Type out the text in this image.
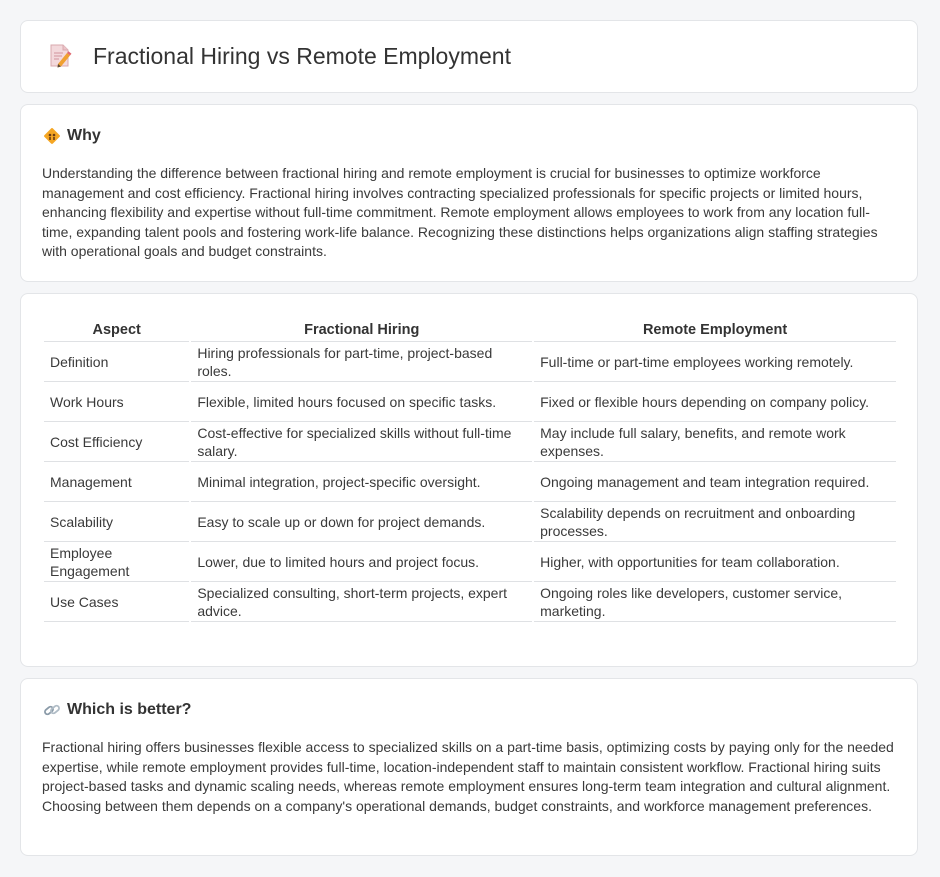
Fractional Hiring vs Remote Employment
Why

Understanding the difference between fractional hiring and remote employment is crucial for businesses to optimize workforce management and cost efficiency. Fractional hiring involves contracting specialized professionals for specific projects or limited hours, enhancing flexibility and expertise without full-time commitment. Remote employment allows employees to work from any location full-time, expanding talent pools and fostering work-life balance. Recognizing these distinctions helps organizations align staffing strategies with operational goals and budget constraints.

Aspect	Fractional Hiring	Remote Employment
Definition	Hiring professionals for part-time, project-based roles.	Full-time or part-time employees working remotely.
Work Hours	Flexible, limited hours focused on specific tasks.	Fixed or flexible hours depending on company policy.
Cost Efficiency	Cost-effective for specialized skills without full-time salary.	May include full salary, benefits, and remote work expenses.
Management	Minimal integration, project-specific oversight.	Ongoing management and team integration required.
Scalability	Easy to scale up or down for project demands.	Scalability depends on recruitment and onboarding processes.
Employee Engagement	Lower, due to limited hours and project focus.	Higher, with opportunities for team collaboration.
Use Cases	Specialized consulting, short-term projects, expert advice.	Ongoing roles like developers, customer service, marketing.
Which is better?

Fractional hiring offers businesses flexible access to specialized skills on a part-time basis, optimizing costs by paying only for the needed expertise, while remote employment provides full-time, location-independent staff to maintain consistent workflow. Fractional hiring suits project-based tasks and dynamic scaling needs, whereas remote employment ensures long-term team integration and cultural alignment. Choosing between them depends on a company's operational demands, budget constraints, and workforce management preferences.
